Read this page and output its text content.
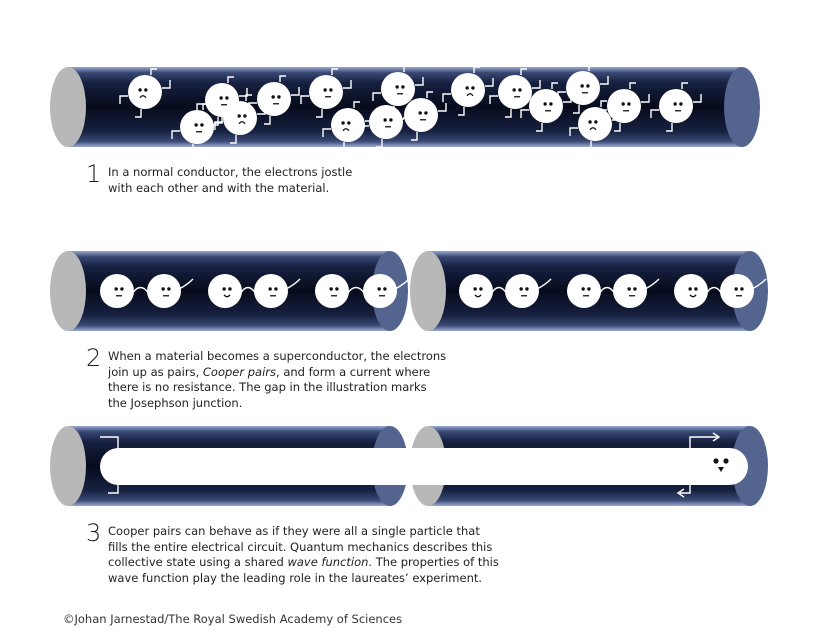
1 In a normal conductor, the electrons jostle
with each other and with the material.
2 When a material becomes a superconductor, the electrons
join up as pairs, Cooper pairs, and form a current where
there is no resistance. The gap in the illustration marks
the Josephson junction.
3 Cooper pairs can behave as if they were all a single particle that
fills the entire electrical circuit. Quantum mechanics describes this
collective state using a shared wave function. The properties of this
wave function play the leading role in the laureates’ experiment.
©Johan Jarnestad/The Royal Swedish Academy of Sciences
